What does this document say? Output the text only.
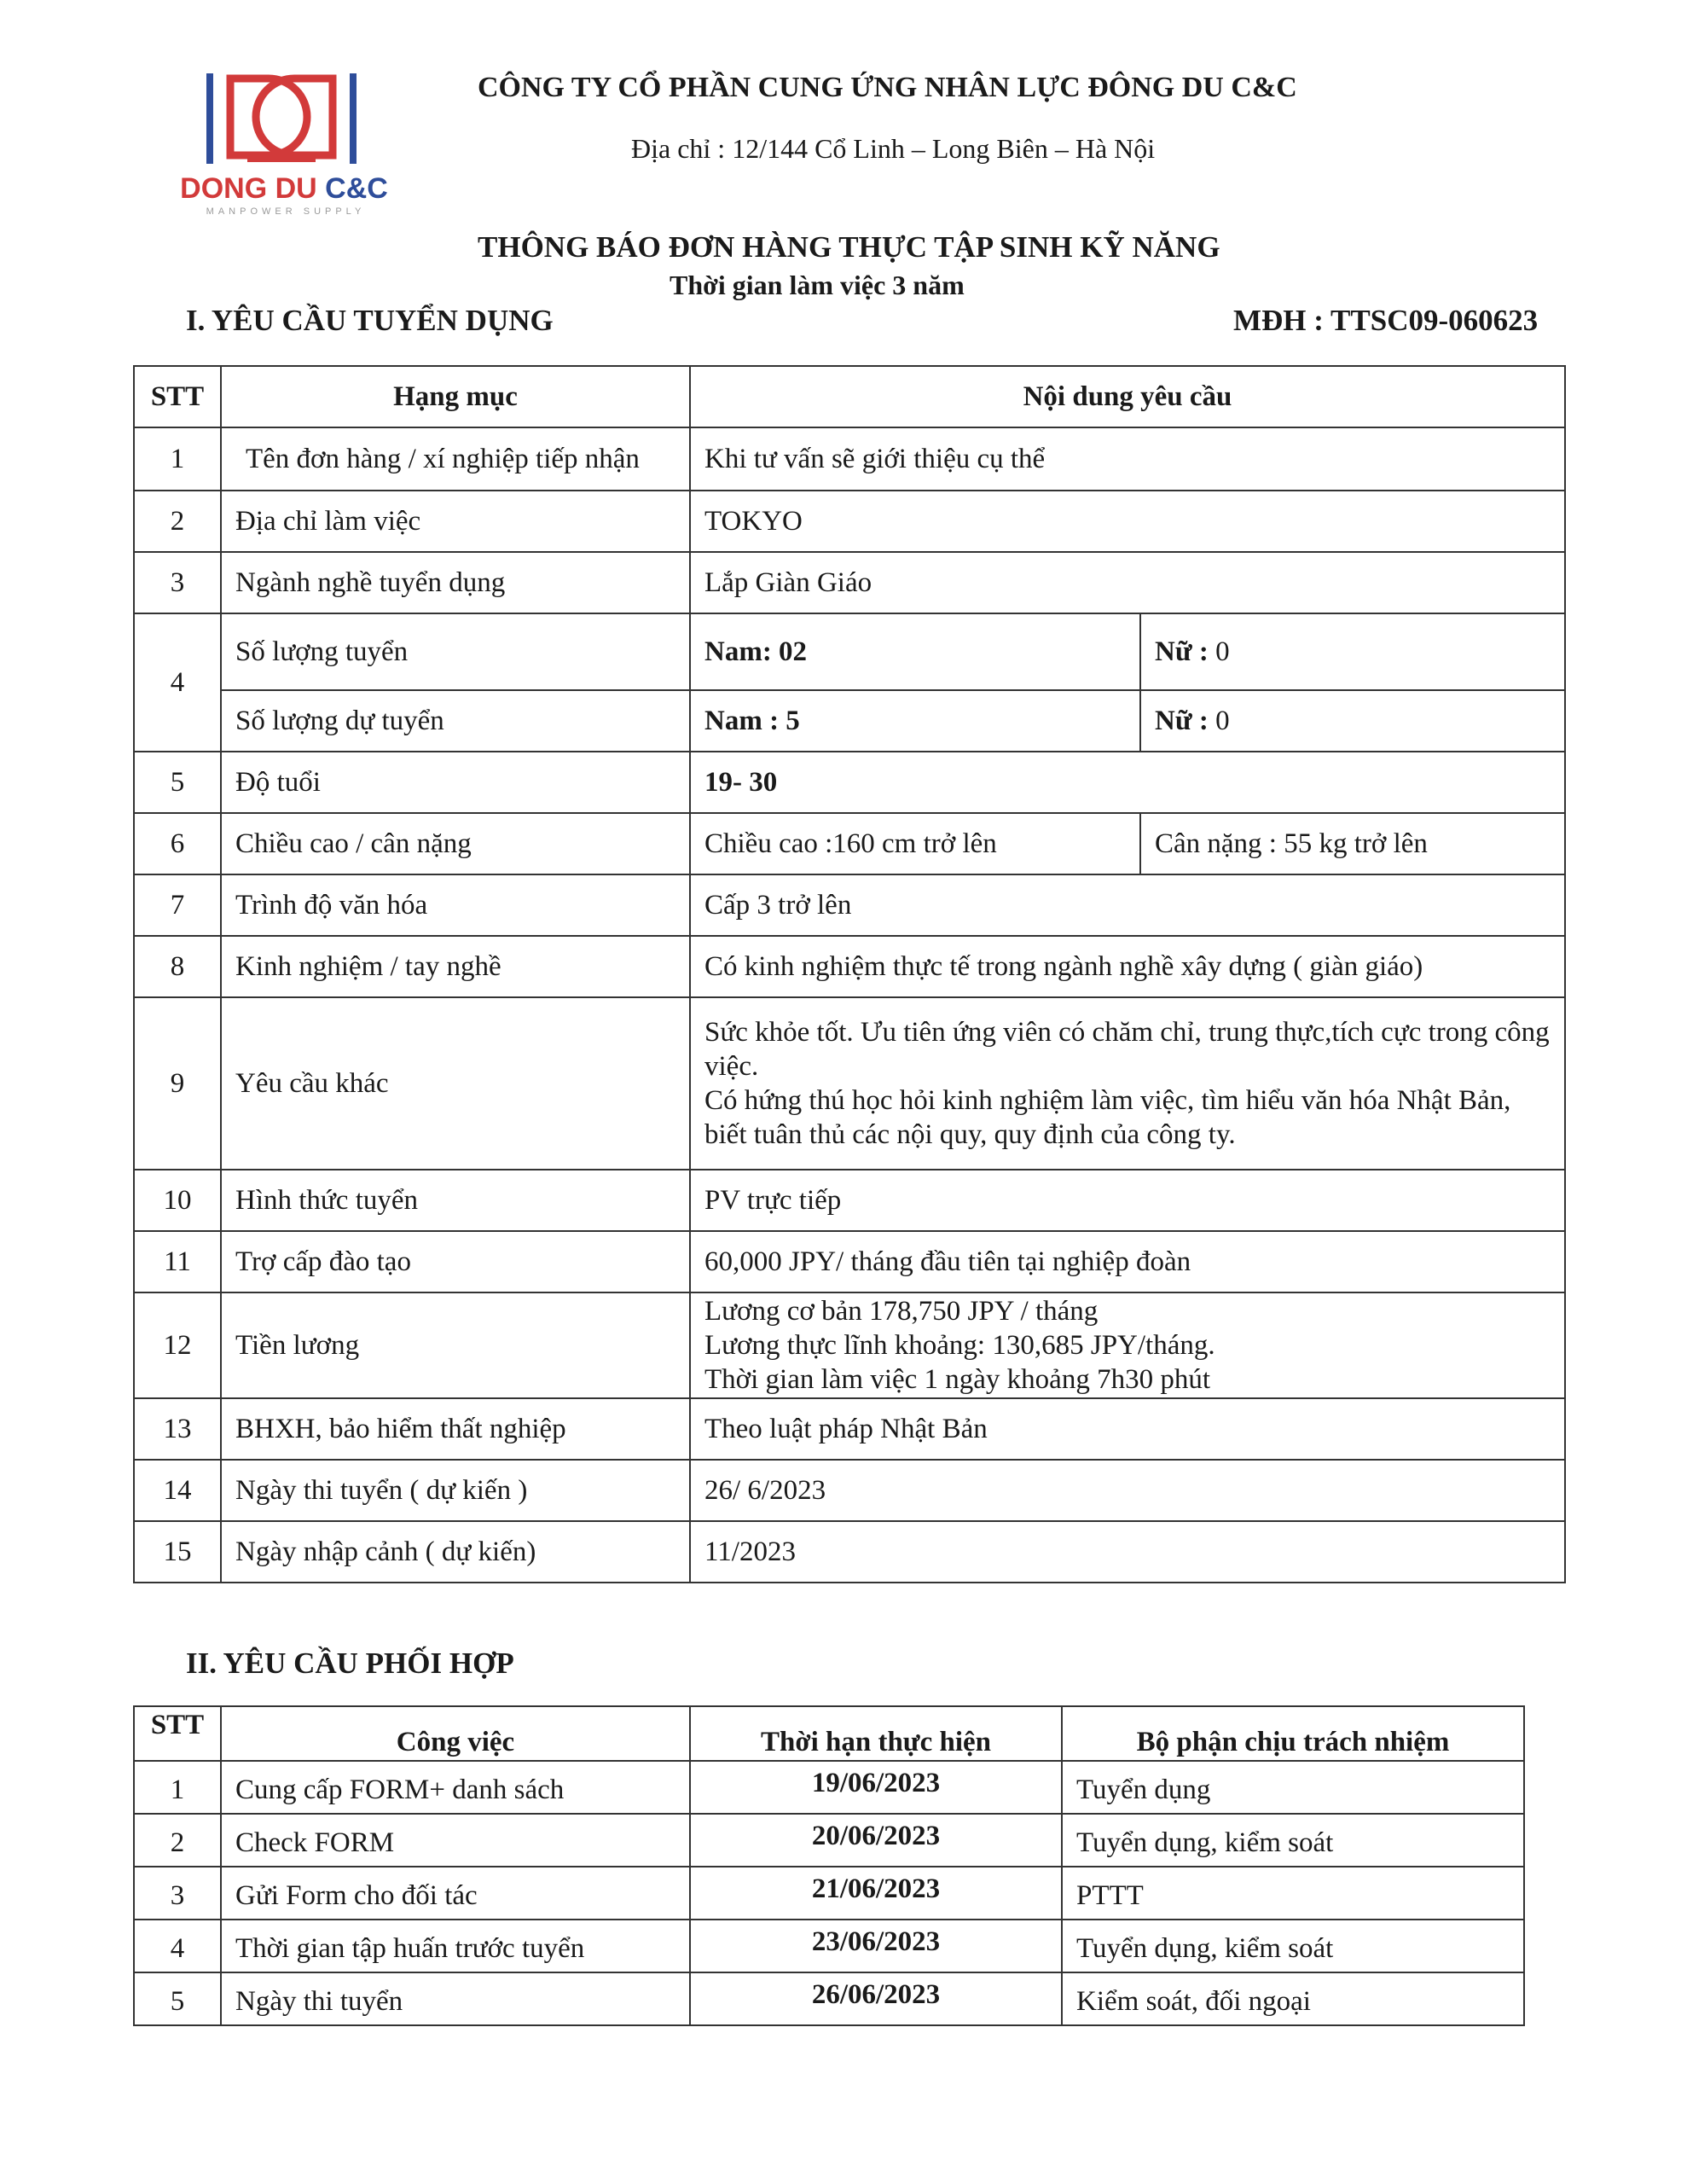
DONG DU C&C
MANPOWER SUPPLY
CÔNG TY CỔ PHẦN CUNG ỨNG NHÂN LỰC ĐÔNG DU C&C
Địa chỉ : 12/144 Cổ Linh – Long Biên – Hà Nội
THÔNG BÁO ĐƠN HÀNG THỰC TẬP SINH KỸ NĂNG
Thời gian làm việc 3 năm
I. YÊU CẦU TUYỂN DỤNG	MĐH : TTSC09-060623
STT	Hạng mục	Nội dung yêu cầu	
1	Tên đơn hàng / xí nghiệp tiếp nhận	Khi tư vấn sẽ giới thiệu cụ thể	
2	Địa chỉ làm việc	TOKYO	
3	Ngành nghề tuyển dụng	Lắp Giàn Giáo	
4	Số lượng tuyển	Nam: 02	Nữ : 0
	Số lượng dự tuyển	Nam : 5	Nữ : 0
5	Độ tuổi	19- 30	
6	Chiều cao / cân nặng	Chiều cao :160 cm trở lên	Cân nặng : 55 kg trở lên
7	Trình độ văn hóa	Cấp 3 trở lên	
8	Kinh nghiệm / tay nghề	Có kinh nghiệm thực tế trong ngành nghề xây dựng ( giàn giáo)	
9	Yêu cầu khác	Sức khỏe tốt. Ưu tiên ứng viên có chăm chỉ, trung thực,tích cực trong công việc.
Có hứng thú học hỏi kinh nghiệm làm việc, tìm hiểu văn hóa Nhật Bản, biết tuân thủ các nội quy, quy định của công ty.	

10	Hình thức tuyển	PV trực tiếp	
11	Trợ cấp đào tạo	60,000 JPY/ tháng đầu tiên tại nghiệp đoàn	
12	Tiền lương	Lương cơ bản 178,750 JPY / tháng
Lương thực lĩnh khoảng: 130,685 JPY/tháng.
Thời gian làm việc 1 ngày khoảng 7h30 phút	

13	BHXH, bảo hiểm thất nghiệp	Theo luật pháp Nhật Bản	
14	Ngày thi tuyển ( dự kiến )	26/ 6/2023	
15	Ngày nhập cảnh ( dự kiến)	11/2023	
II. YÊU CẦU PHỐI HỢP
STT	Công việc	Thời hạn thực hiện	Bộ phận chịu trách nhiệm
1	Cung cấp FORM+ danh sách	19/06/2023	Tuyển dụng
2	Check FORM	20/06/2023	Tuyển dụng, kiểm soát
3	Gửi Form cho đối tác	21/06/2023	PTTT
4	Thời gian tập huấn trước tuyển	23/06/2023	Tuyển dụng, kiểm soát
5	Ngày thi tuyển	26/06/2023	Kiểm soát, đối ngoại
